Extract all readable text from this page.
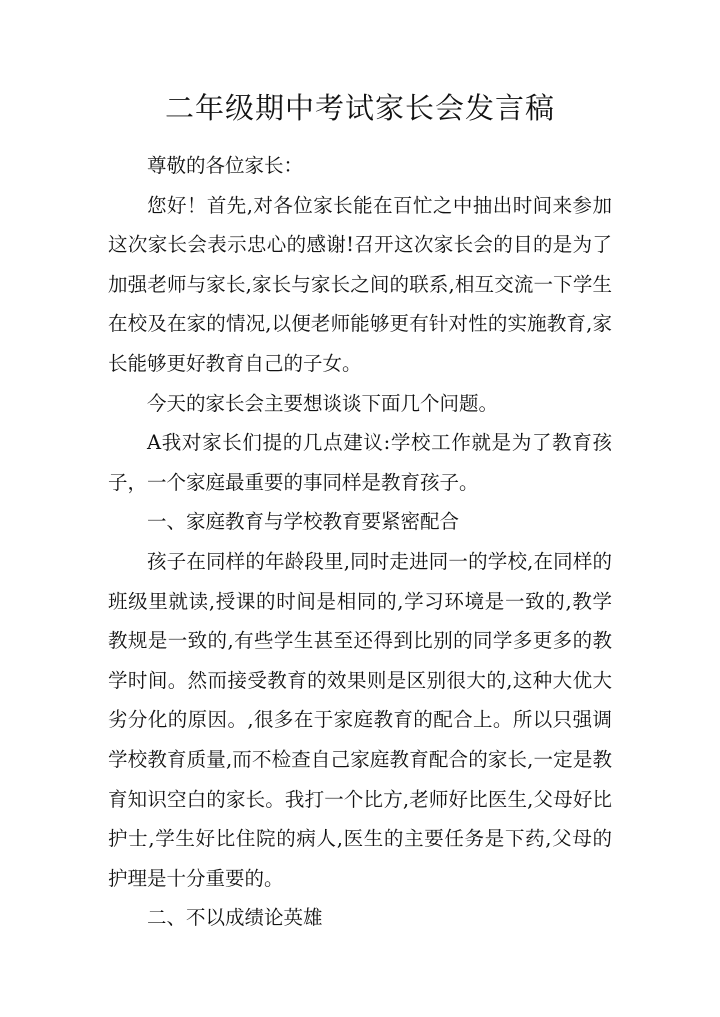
二年级期中考试家长会发言稿

尊敬的各位家长：

您好！首先,对各位家长能在百忙之中抽出时间来参加这次家长会表示忠心的感谢!召开这次家长会的目的是为了加强老师与家长,家长与家长之间的联系,相互交流一下学生在校及在家的情况,以便老师能够更有针对性的实施教育,家长能够更好教育自己的子女。

今天的家长会主要想谈谈下面几个问题。

A我对家长们提的几点建议:学校工作就是为了教育孩子，一个家庭最重要的事同样是教育孩子。

一、家庭教育与学校教育要紧密配合

孩子在同样的年龄段里,同时走进同一的学校,在同样的班级里就读,授课的时间是相同的,学习环境是一致的,教学教规是一致的,有些学生甚至还得到比别的同学多更多的教学时间。然而接受教育的效果则是区别很大的,这种大优大劣分化的原因。,很多在于家庭教育的配合上。所以只强调学校教育质量,而不检查自己家庭教育配合的家长,一定是教育知识空白的家长。我打一个比方,老师好比医生,父母好比护士,学生好比住院的病人,医生的主要任务是下药,父母的护理是十分重要的。

二、不以成绩论英雄
